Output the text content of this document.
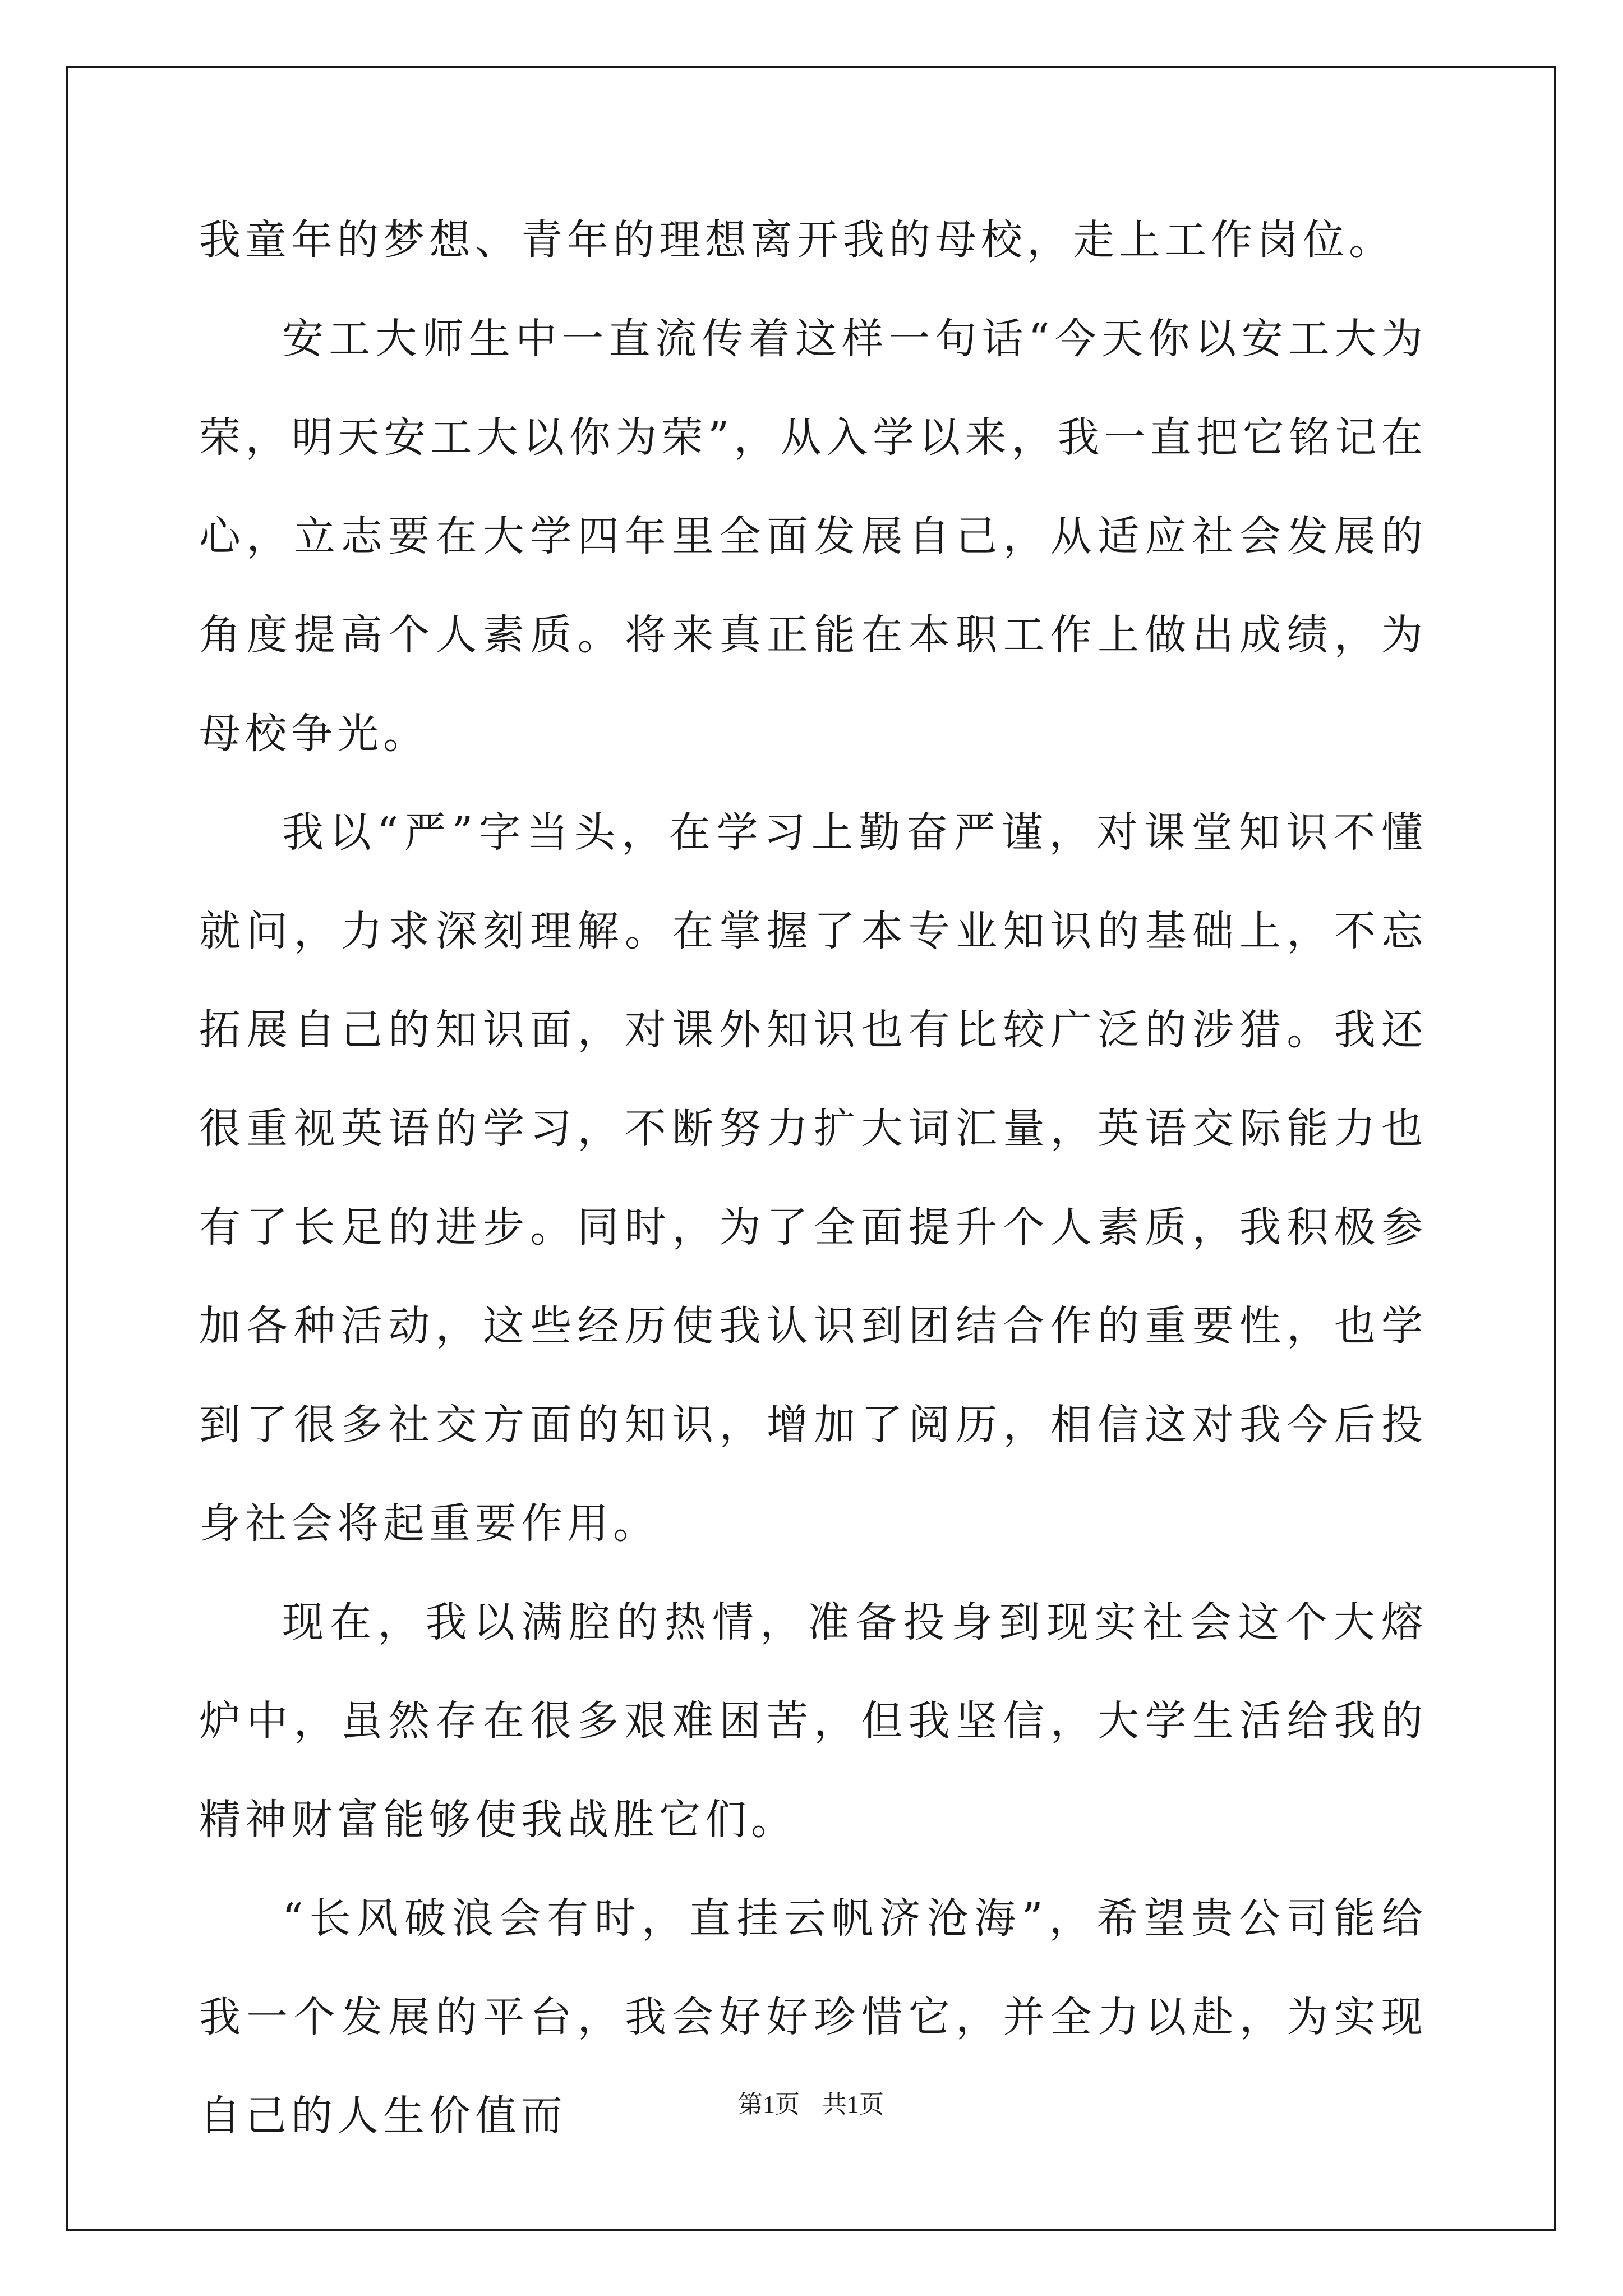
我童年的梦想、青年的理想离开我的母校，走上工作岗位。

安工大师生中一直流传着这样一句话“今天你以安工大为荣，明天安工大以你为荣”，从入学以来，我一直把它铭记在心，立志要在大学四年里全面发展自己，从适应社会发展的角度提高个人素质。将来真正能在本职工作上做出成绩，为母校争光。

我以“严”字当头，在学习上勤奋严谨，对课堂知识不懂就问，力求深刻理解。在掌握了本专业知识的基础上，不忘拓展自己的知识面，对课外知识也有比较广泛的涉猎。我还很重视英语的学习，不断努力扩大词汇量，英语交际能力也有了长足的进步。同时，为了全面提升个人素质，我积极参加各种活动，这些经历使我认识到团结合作的重要性，也学到了很多社交方面的知识，增加了阅历，相信这对我今后投身社会将起重要作用。

现在，我以满腔的热情，准备投身到现实社会这个大熔炉中，虽然存在很多艰难困苦，但我坚信，大学生活给我的精神财富能够使我战胜它们。

“长风破浪会有时，直挂云帆济沧海”，希望贵公司能给我一个发展的平台，我会好好珍惜它，并全力以赴，为实现自己的人生价值而	第1页 共1页
